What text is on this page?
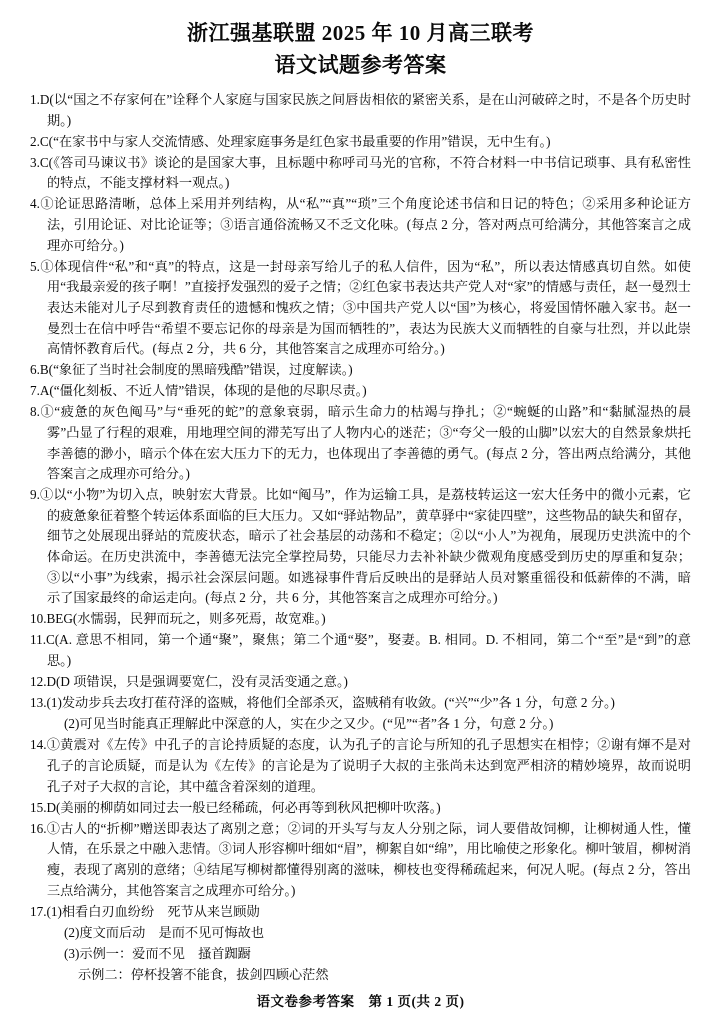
浙江强基联盟 2025 年 10 月高三联考
语文试题参考答案

1.D(以“国之不存家何在”诠释个人家庭与国家民族之间唇齿相依的紧密关系，是在山河破碎之时，不是各个历史时期。)

2.C(“在家书中与家人交流情感、处理家庭事务是红色家书最重要的作用”错误，无中生有。)

3.C(《答司马谏议书》谈论的是国家大事，且标题中称呼司马光的官称，不符合材料一中书信记琐事、具有私密性的特点，不能支撑材料一观点。)

4.①论证思路清晰，总体上采用并列结构，从“私”“真”“琐”三个角度论述书信和日记的特色；②采用多种论证方法，引用论证、对比论证等；③语言通俗流畅又不乏文化味。(每点 2 分，答对两点可给满分，其他答案言之成理亦可给分。)

5.①体现信件“私”和“真”的特点，这是一封母亲写给儿子的私人信件，因为“私”，所以表达情感真切自然。如使用“我最亲爱的孩子啊！”直接抒发强烈的爱子之情；②红色家书表达共产党人对“家”的情感与责任，赵一曼烈士表达未能对儿子尽到教育责任的遗憾和愧疚之情；③中国共产党人以“国”为核心，将爱国情怀融入家书。赵一曼烈士在信中呼告“希望不要忘记你的母亲是为国而牺牲的”，表达为民族大义而牺牲的自豪与壮烈，并以此崇高情怀教育后代。(每点 2 分，共 6 分，其他答案言之成理亦可给分。)

6.B(“象征了当时社会制度的黑暗残酷”错误，过度解读。)

7.A(“僵化刻板、不近人情”错误，体现的是他的尽职尽责。)

8.①“疲惫的灰色阄马”与“垂死的蛇”的意象衰弱，暗示生命力的枯竭与挣扎；②“蜿蜒的山路”和“黏腻湿热的晨雾”凸显了行程的艰难，用地理空间的滞芜写出了人物内心的迷茫；③“夸父一般的山脚”以宏大的自然景象烘托李善德的渺小，暗示个体在宏大压力下的无力，也体现出了李善德的勇气。(每点 2 分，答出两点给满分，其他答案言之成理亦可给分。)

9.①以“小物”为切入点，映射宏大背景。比如“阄马”，作为运输工具，是荔枝转运这一宏大任务中的微小元素，它的疲惫象征着整个转运体系面临的巨大压力。又如“驿站物品”，黄草驿中“家徒四壁”，这些物品的缺失和留存，细节之处展现出驿站的荒废状态，暗示了社会基层的动荡和不稳定；②以“小人”为视角，展现历史洪流中的个体命运。在历史洪流中，李善德无法完全掌控局势，只能尽力去补补缺少微观角度感受到历史的厚重和复杂；③以“小事”为线索，揭示社会深层问题。如逃禄事件背后反映出的是驿站人员对繁重徭役和低薪俸的不满，暗示了国家最终的命运走向。(每点 2 分，共 6 分，其他答案言之成理亦可给分。)

10.BEG(水懦弱，民狎而玩之，则多死焉，故宽难。)

11.C(A. 意思不相同，第一个通“聚”，聚焦；第二个通“娶”，娶妻。B. 相同。D. 不相同，第二个“至”是“到”的意思。)

12.D(D 项错误，只是强调要宽仁，没有灵活变通之意。)

13.(1)发动步兵去攻打萑苻泽的盗贼，将他们全部杀灭，盗贼稍有收敛。(“兴”“少”各 1 分，句意 2 分。)

(2)可见当时能真正理解此中深意的人，实在少之又少。(“见”“者”各 1 分，句意 2 分。)

14.①黄震对《左传》中孔子的言论持质疑的态度，认为孔子的言论与所知的孔子思想实在相悖；②谢有煇不是对孔子的言论质疑，而是认为《左传》的言论是为了说明子大叔的主张尚未达到宽严相济的精妙境界，故而说明孔子对子大叔的言论，其中蕴含着深刻的道理。

15.D(美丽的柳荫如同过去一般已经稀疏，何必再等到秋风把柳叶吹落。)

16.①古人的“折柳”赠送即表达了离别之意；②词的开头写与友人分别之际，词人要借故饲柳，让柳树通人性，懂人情，在乐景之中融入悲情。③词人形容柳叶细如“眉”，柳絮自如“绵”，用比喻使之形象化。柳叶皱眉，柳树消瘦，表现了离别的意绪；④结尾写柳树都懂得别离的滋味，柳枝也变得稀疏起来，何况人呢。(每点 2 分，答出三点给满分，其他答案言之成理亦可给分。)

17.(1)相看白刃血纷纷　死节从来岂顾勋

(2)度文而后动　是而不见可悔故也

(3)示例一：爱而不见　搔首踟蹰

示例二：停杯投箸不能食，拔剑四顾心茫然

语文卷参考答案　第 1 页(共 2 页)
